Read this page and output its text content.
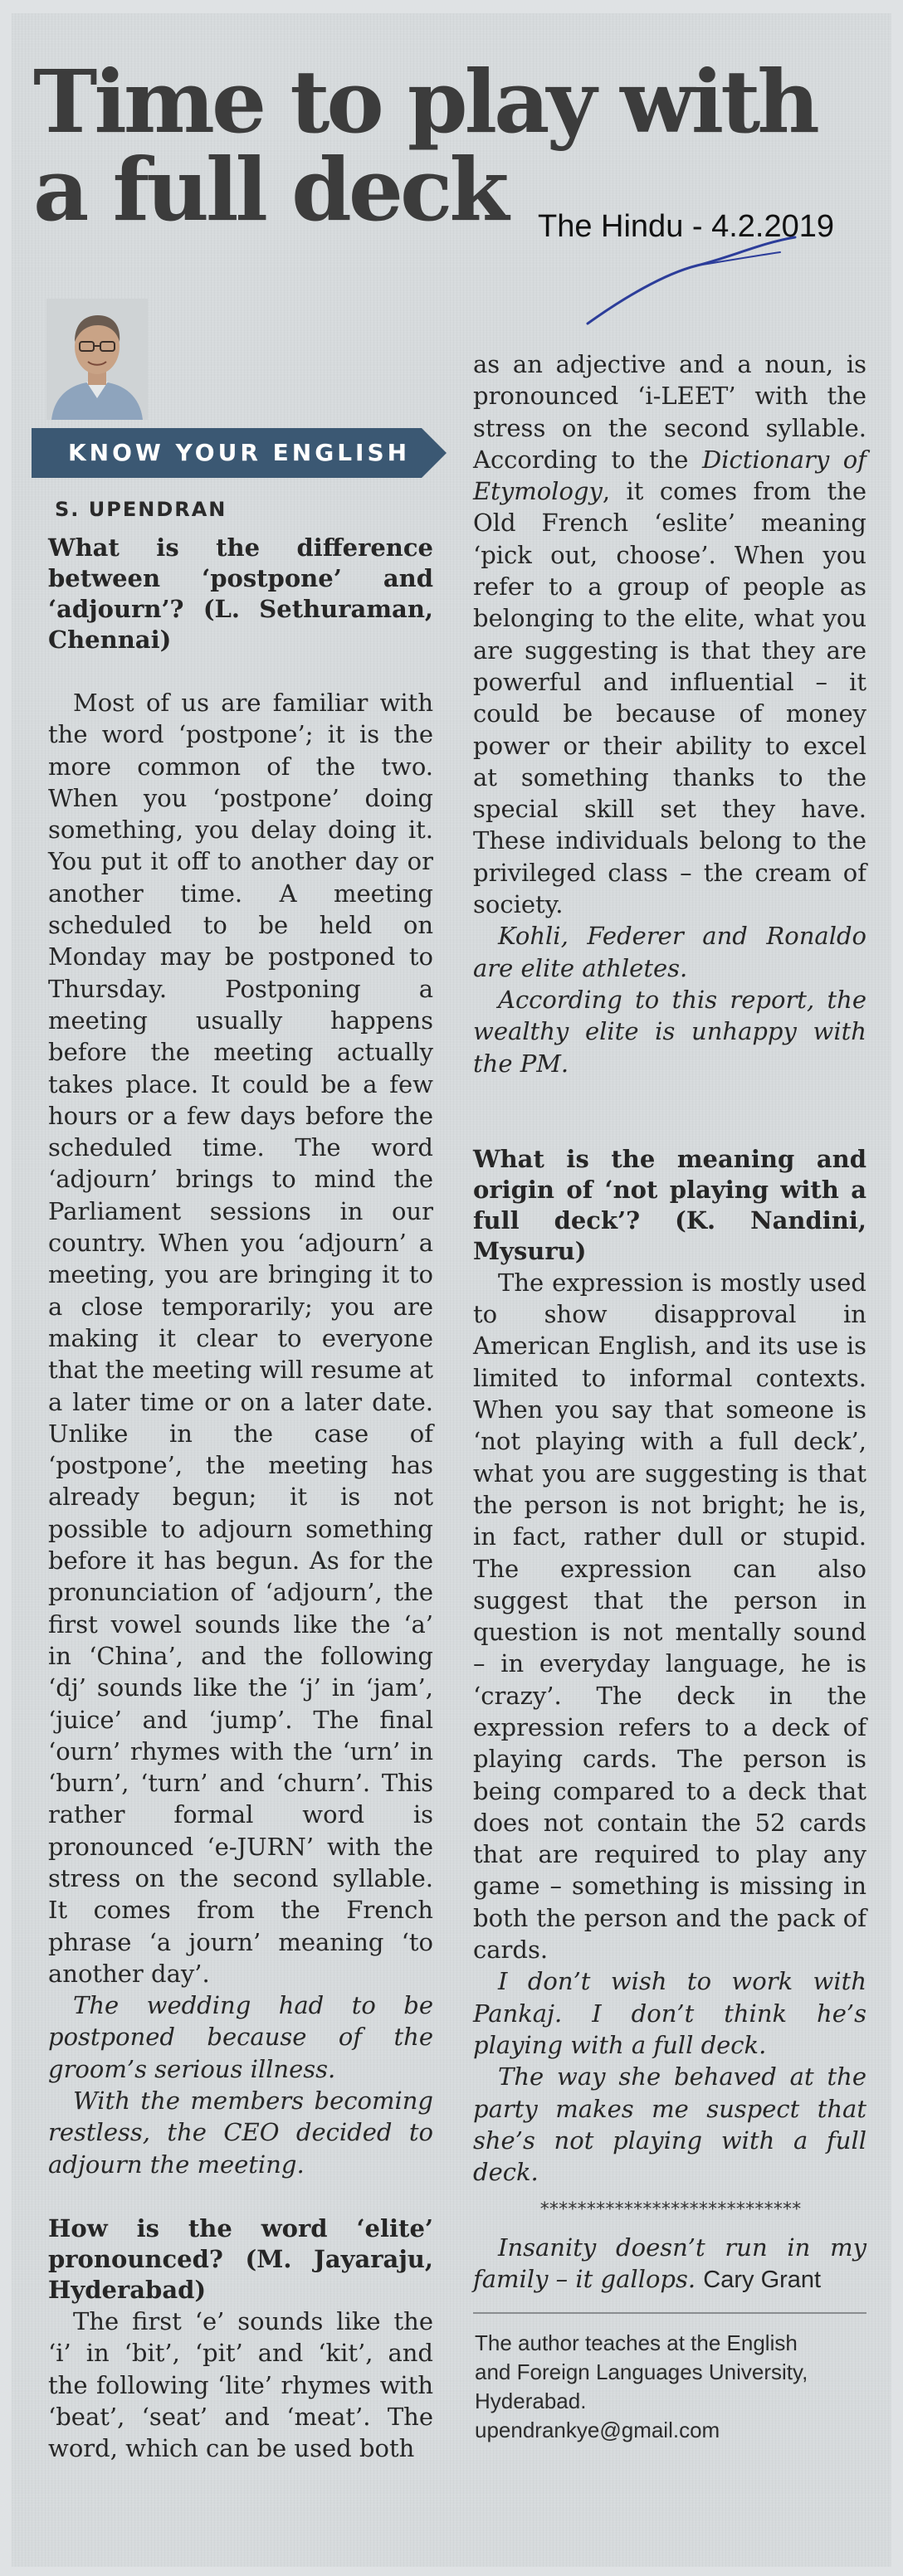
Time to play with
a full deck	The Hindu - 4.2.2019
KNOW YOUR ENGLISH
S. UPENDRAN

What is the difference between ‘postpone’ and ‘adjourn’? (L. Sethuraman, Chennai)

Most of us are familiar with the word ‘postpone’; it is the more common of the two. When you ‘postpone’ doing something, you delay doing it. You put it off to another day or another time. A meeting scheduled to be held on Monday may be postponed to Thursday. Postponing a meeting usually happens before the meeting actually takes place. It could be a few hours or a few days before the scheduled time. The word ‘adjourn’ brings to mind the Parliament sessions in our country. When you ‘adjourn’ a meeting, you are bringing it to a close temporarily; you are making it clear to everyone that the meeting will resume at a later time or on a later date. Unlike in the case of ‘postpone’, the meeting has already begun; it is not possible to adjourn something before it has begun. As for the pronunciation of ‘adjourn’, the first vowel sounds like the ‘a’ in ‘China’, and the following ‘dj’ sounds like the ‘j’ in ‘jam’, ‘juice’ and ‘jump’. The final ‘ourn’ rhymes with the ‘urn’ in ‘burn’, ‘turn’ and ‘churn’. This rather formal word is pronounced ‘e-JURN’ with the stress on the second syllable. It comes from the French phrase ‘a journ’ meaning ‘to another day’.

The wedding had to be postponed because of the groom’s serious illness.

With the members becoming restless, the CEO decided to adjourn the meeting.

How is the word ‘elite’ pronounced? (M. Jayaraju, Hyderabad)

The first ‘e’ sounds like the ‘i’ in ‘bit’, ‘pit’ and ‘kit’, and the following ‘lite’ rhymes with ‘beat’, ‘seat’ and ‘meat’. The word, which can be used both

as an adjective and a noun, is pronounced ‘i-LEET’ with the stress on the second syllable. According to the Dictionary of Etymology, it comes from the Old French ‘eslite’ meaning ‘pick out, choose’. When you refer to a group of people as belonging to the elite, what you are suggesting is that they are powerful and influential – it could be because of money power or their ability to excel at something thanks to the special skill set they have. These individuals belong to the privileged class – the cream of society.

Kohli, Federer and Ronaldo are elite athletes.

According to this report, the wealthy elite is unhappy with the PM.

What is the meaning and origin of ‘not playing with a full deck’? (K. Nandini, Mysuru)

The expression is mostly used to show disapproval in American English, and its use is limited to informal contexts. When you say that someone is ‘not playing with a full deck’, what you are suggesting is that the person is not bright; he is, in fact, rather dull or stupid. The expression can also suggest that the person in question is not mentally sound – in everyday language, he is ‘crazy’. The deck in the expression refers to a deck of playing cards. The person is being compared to a deck that does not contain the 52 cards that are required to play any game – something is missing in both the person and the pack of cards.

I don’t wish to work with Pankaj. I don’t think he’s playing with a full deck.

The way she behaved at the party makes me suspect that she’s not playing with a full deck.

****************************

Insanity doesn’t run in my family – it gallops. Cary Grant

The author teaches at the English
and Foreign Languages University,
Hyderabad.
upendrankye@gmail.com
